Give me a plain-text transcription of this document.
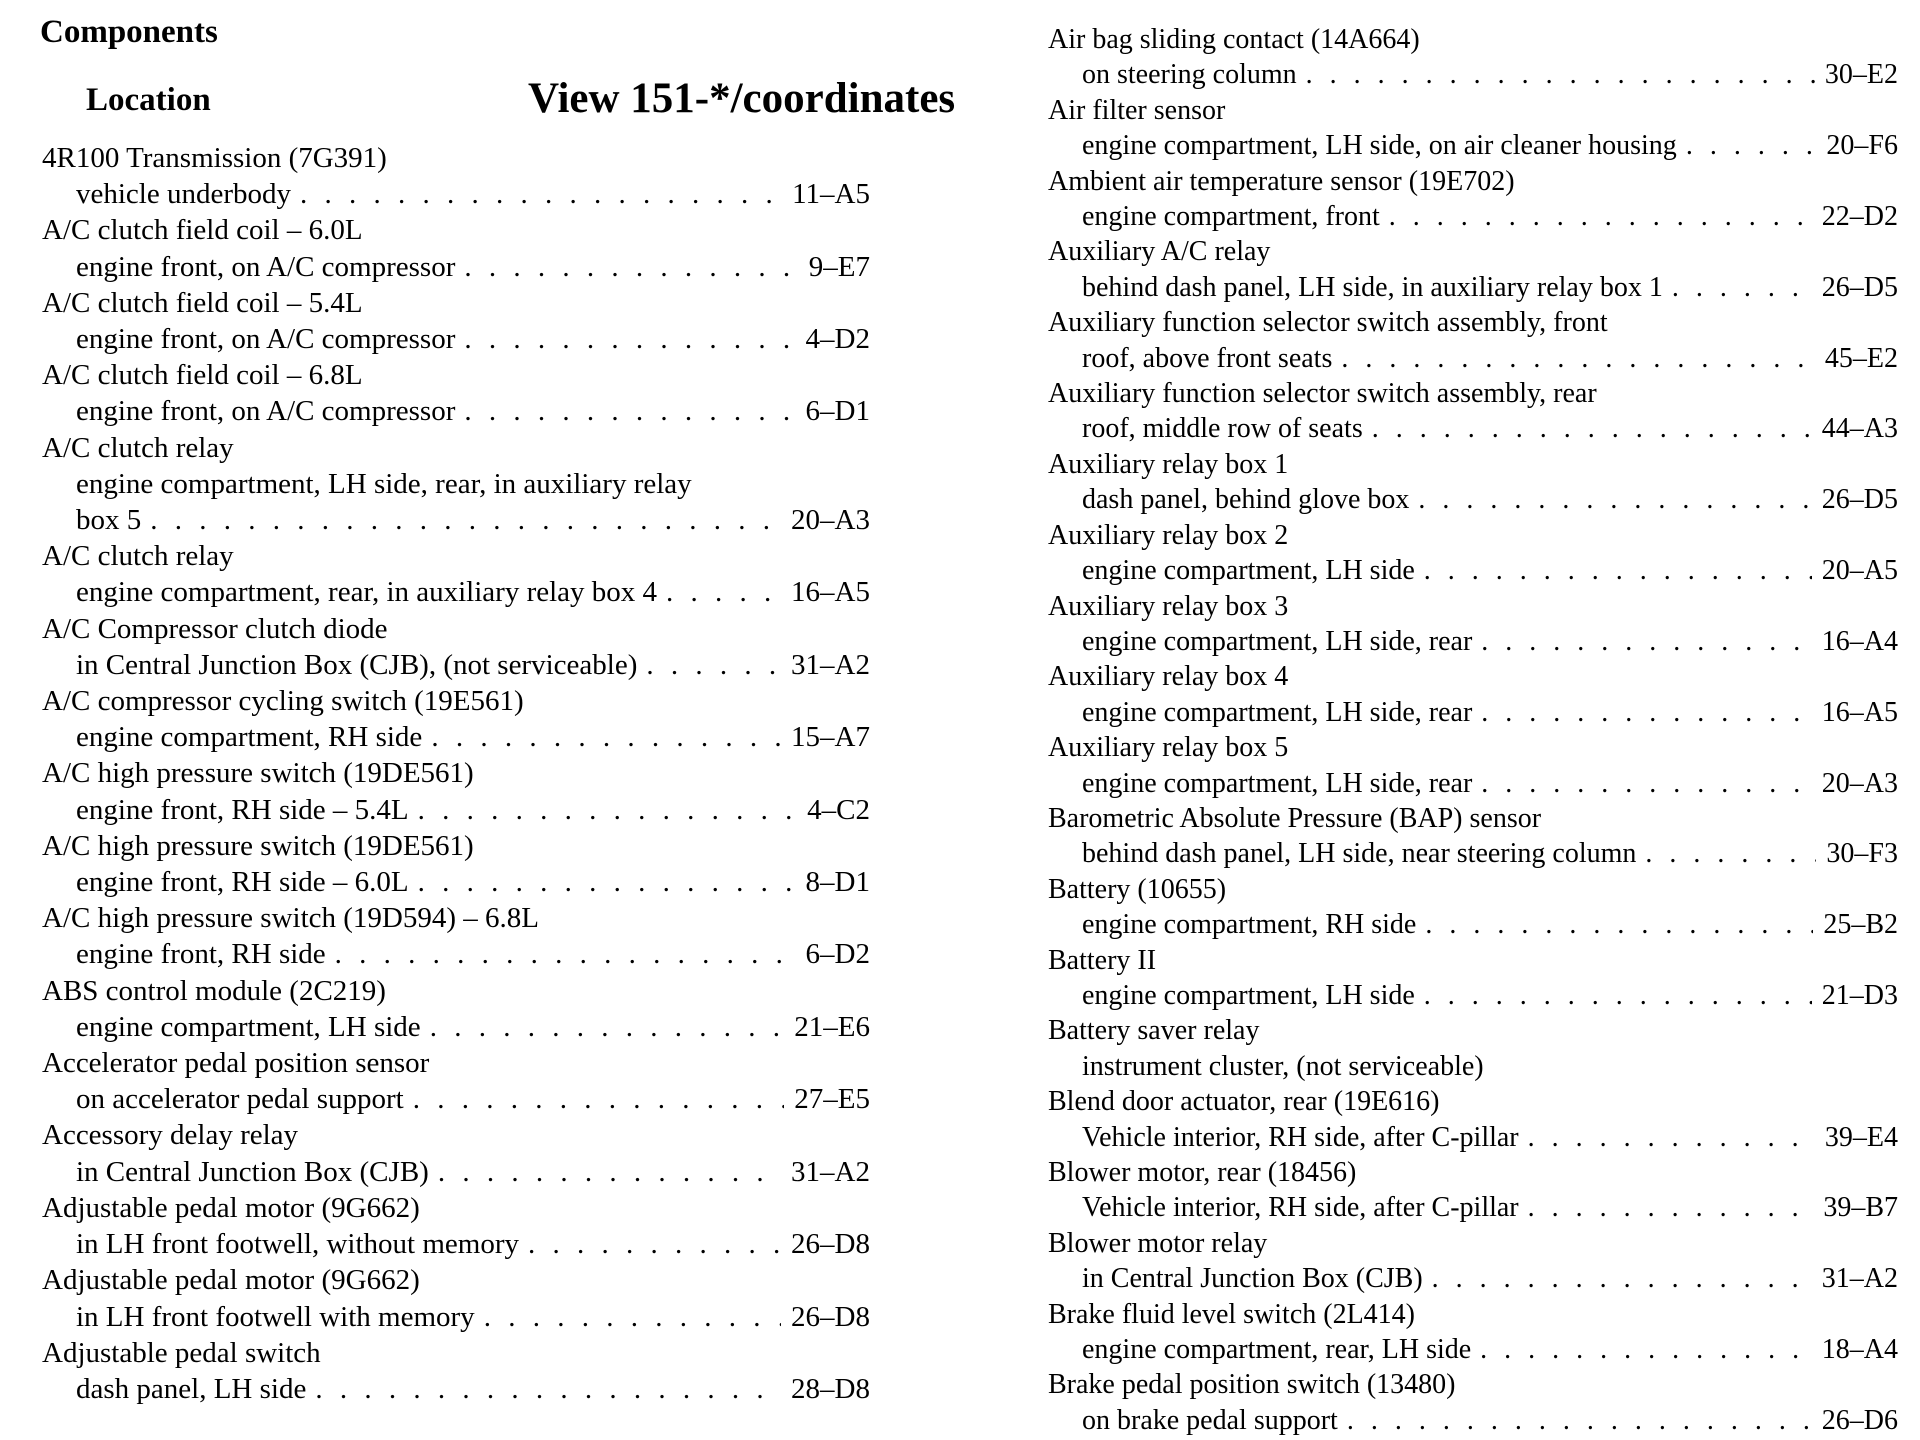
Components
Location	View 151-*/coordinates
4R100 Transmission (7G391)
vehicle underbody . . .	11–A5
A/C clutch field coil – 6.0L
engine front, on A/C compressor . . .	9–E7
A/C clutch field coil – 5.4L
engine front, on A/C compressor . . .	4–D2
A/C clutch field coil – 6.8L
engine front, on A/C compressor . . .	6–D1
A/C clutch relay
engine compartment, LH side, rear, in auxiliary relay
box 5 . . .	20–A3
A/C clutch relay
engine compartment, rear, in auxiliary relay box 4 . . .	16–A5
A/C Compressor clutch diode
in Central Junction Box (CJB), (not serviceable) . . .	31–A2
A/C compressor cycling switch (19E561)
engine compartment, RH side . . .	15–A7
A/C high pressure switch (19DE561)
engine front, RH side – 5.4L . . .	4–C2
A/C high pressure switch (19DE561)
engine front, RH side – 6.0L . . .	8–D1
A/C high pressure switch (19D594) – 6.8L
engine front, RH side . . .	6–D2
ABS control module (2C219)
engine compartment, LH side . . .	21–E6
Accelerator pedal position sensor
on accelerator pedal support . . .	27–E5
Accessory delay relay
in Central Junction Box (CJB) . . .	31–A2
Adjustable pedal motor (9G662)
in LH front footwell, without memory . . .	26–D8
Adjustable pedal motor (9G662)
in LH front footwell with memory . . .	26–D8
Adjustable pedal switch
dash panel, LH side . . .	28–D8
Air bag sliding contact (14A664)
on steering column . . .	30–E2
Air filter sensor
engine compartment, LH side, on air cleaner housing . . .	20–F6
Ambient air temperature sensor (19E702)
engine compartment, front . . .	22–D2
Auxiliary A/C relay
behind dash panel, LH side, in auxiliary relay box 1 . . .	26–D5
Auxiliary function selector switch assembly, front
roof, above front seats . . .	45–E2
Auxiliary function selector switch assembly, rear
roof, middle row of seats . . .	44–A3
Auxiliary relay box 1
dash panel, behind glove box . . .	26–D5
Auxiliary relay box 2
engine compartment, LH side . . .	20–A5
Auxiliary relay box 3
engine compartment, LH side, rear . . .	16–A4
Auxiliary relay box 4
engine compartment, LH side, rear . . .	16–A5
Auxiliary relay box 5
engine compartment, LH side, rear . . .	20–A3
Barometric Absolute Pressure (BAP) sensor
behind dash panel, LH side, near steering column . . .	30–F3
Battery (10655)
engine compartment, RH side . . .	25–B2
Battery II
engine compartment, LH side . . .	21–D3
Battery saver relay
instrument cluster, (not serviceable)
Blend door actuator, rear (19E616)
Vehicle interior, RH side, after C-pillar . . .	39–E4
Blower motor, rear (18456)
Vehicle interior, RH side, after C-pillar . . .	39–B7
Blower motor relay
in Central Junction Box (CJB) . . .	31–A2
Brake fluid level switch (2L414)
engine compartment, rear, LH side . . .	18–A4
Brake pedal position switch (13480)
on brake pedal support . . .	26–D6
